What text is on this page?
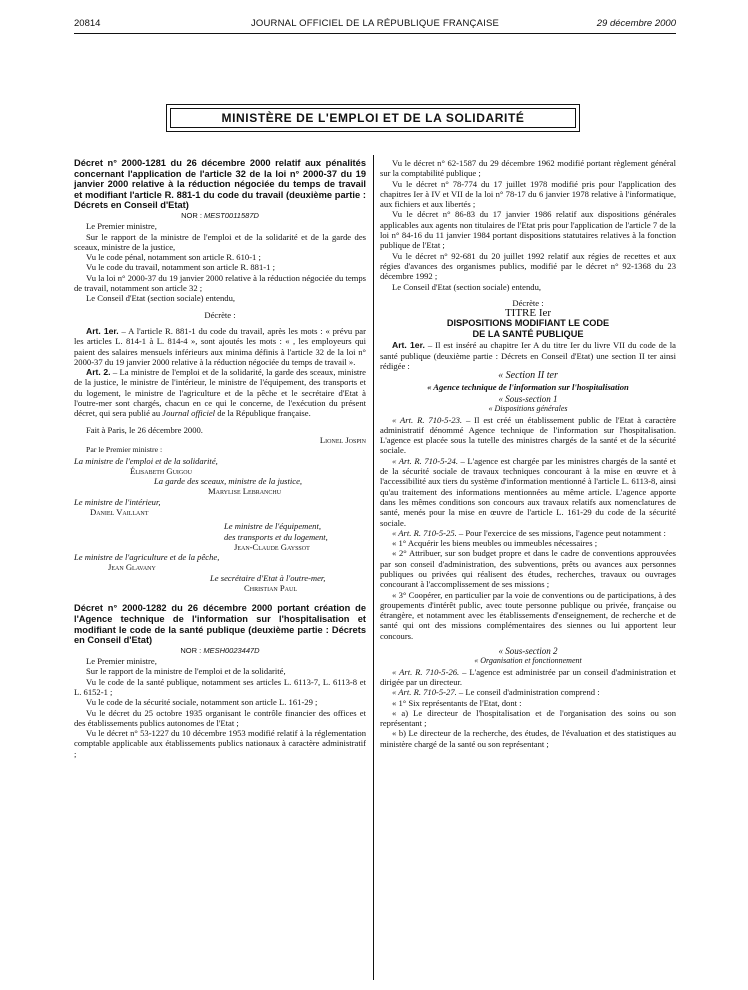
20814	JOURNAL OFFICIEL DE LA RÉPUBLIQUE FRANÇAISE	29 décembre 2000
MINISTÈRE DE L'EMPLOI ET DE LA SOLIDARITÉ

Décret n° 2000-1281 du 26 décembre 2000 relatif aux pénalités concernant l'application de l'article 32 de la loi n° 2000-37 du 19 janvier 2000 relative à la réduction négociée du temps de travail et modifiant l'article R. 881-1 du code du travail (deuxième partie : Décrets en Conseil d'Etat)

NOR : MEST0011587D

Le Premier ministre,

Sur le rapport de la ministre de l'emploi et de la solidarité et de la garde des sceaux, ministre de la justice,

Vu le code pénal, notamment son article R. 610-1 ;

Vu le code du travail, notamment son article R. 881-1 ;

Vu la loi n° 2000-37 du 19 janvier 2000 relative à la réduction négociée du temps de travail, notamment son article 32 ;

Le Conseil d'Etat (section sociale) entendu,

Décrète :

Art. 1er. – A l'article R. 881-1 du code du travail, après les mots : « prévu par les articles L. 814-1 à L. 814-4 », sont ajoutés les mots : « , les employeurs qui paient des salaires mensuels inférieurs aux minima définis à l'article 32 de la loi n° 2000-37 du 19 janvier 2000 relative à la réduction négociée du temps de travail ».

Art. 2. – La ministre de l'emploi et de la solidarité, la garde des sceaux, ministre de la justice, le ministre de l'intérieur, le ministre de l'équipement, des transports et du logement, le ministre de l'agriculture et de la pêche et le secrétaire d'Etat à l'outre-mer sont chargés, chacun en ce qui le concerne, de l'exécution du présent décret, qui sera publié au Journal officiel de la République française.

Fait à Paris, le 26 décembre 2000.

Lionel Jospin

Par le Premier ministre :

La ministre de l'emploi et de la solidarité,

Élisabeth Guigou

La garde des sceaux, ministre de la justice,

Marylise Lebranchu

Le ministre de l'intérieur,

Daniel Vaillant

Le ministre de l'équipement,

des transports et du logement,

Jean-Claude Gayssot

Le ministre de l'agriculture et de la pêche,

Jean Glavany

Le secrétaire d'Etat à l'outre-mer,

Christian Paul

Décret n° 2000-1282 du 26 décembre 2000 portant création de l'Agence technique de l'information sur l'hospitalisation et modifiant le code de la santé publique (deuxième partie : Décrets en Conseil d'Etat)

NOR : MESH0023447D

Le Premier ministre,

Sur le rapport de la ministre de l'emploi et de la solidarité,

Vu le code de la santé publique, notamment ses articles L. 6113-7, L. 6113-8 et L. 6152-1 ;

Vu le code de la sécurité sociale, notamment son article L. 161-29 ;

Vu le décret du 25 octobre 1935 organisant le contrôle financier des offices et des établissements publics autonomes de l'Etat ;

Vu le décret n° 53-1227 du 10 décembre 1953 modifié relatif à la réglementation comptable applicable aux établissements publics nationaux à caractère administratif ;

Vu le décret n° 62-1587 du 29 décembre 1962 modifié portant règlement général sur la comptabilité publique ;

Vu le décret n° 78-774 du 17 juillet 1978 modifié pris pour l'application des chapitres Ier à IV et VII de la loi n° 78-17 du 6 janvier 1978 relative à l'informatique, aux fichiers et aux libertés ;

Vu le décret n° 86-83 du 17 janvier 1986 relatif aux dispositions générales applicables aux agents non titulaires de l'Etat pris pour l'application de l'article 7 de la loi n° 84-16 du 11 janvier 1984 portant dispositions statutaires relatives à la fonction publique de l'Etat ;

Vu le décret n° 92-681 du 20 juillet 1992 relatif aux régies de recettes et aux régies d'avances des organismes publics, modifié par le décret n° 92-1368 du 23 décembre 1992 ;

Le Conseil d'Etat (section sociale) entendu,

Décrète :

TITRE Ier

DISPOSITIONS MODIFIANT LE CODE

DE LA SANTÉ PUBLIQUE

Art. 1er. – Il est inséré au chapitre Ier A du titre Ier du livre VII du code de la santé publique (deuxième partie : Décrets en Conseil d'Etat) une section II ter ainsi rédigée :

« Section II ter

« Agence technique de l'information sur l'hospitalisation

« Sous-section 1

« Dispositions générales

« Art. R. 710-5-23. – Il est créé un établissement public de l'Etat à caractère administratif dénommé Agence technique de l'information sur l'hospitalisation. L'agence est placée sous la tutelle des ministres chargés de la santé et de la sécurité sociale.

« Art. R. 710-5-24. – L'agence est chargée par les ministres chargés de la santé et de la sécurité sociale de travaux techniques concourant à la mise en œuvre et à l'accessibilité aux tiers du système d'information mentionné à l'article L. 6113-8, ainsi qu'au traitement des informations mentionnées au même article. L'agence apporte dans les mêmes conditions son concours aux travaux relatifs aux nomenclatures de santé, menés pour la mise en œuvre de l'article L. 161-29 du code de la sécurité sociale.

« Art. R. 710-5-25. – Pour l'exercice de ses missions, l'agence peut notamment :

« 1° Acquérir les biens meubles ou immeubles nécessaires ;

« 2° Attribuer, sur son budget propre et dans le cadre de conventions approuvées par son conseil d'administration, des subventions, prêts ou avances aux personnes publiques ou privées qui réalisent des études, recherches, travaux ou ouvrages concourant à l'accomplissement de ses missions ;

« 3° Coopérer, en particulier par la voie de conventions ou de participations, à des groupements d'intérêt public, avec toute personne publique ou privée, française ou étrangère, et notamment avec les établissements d'enseignement, de recherche et de santé qui ont des missions complémentaires des siennes ou lui apportent leur concours.

« Sous-section 2

« Organisation et fonctionnement

« Art. R. 710-5-26. – L'agence est administrée par un conseil d'administration et dirigée par un directeur.

« Art. R. 710-5-27. – Le conseil d'administration comprend :

« 1° Six représentants de l'Etat, dont :

« a) Le directeur de l'hospitalisation et de l'organisation des soins ou son représentant ;

« b) Le directeur de la recherche, des études, de l'évaluation et des statistiques au ministère chargé de la santé ou son représentant ;
